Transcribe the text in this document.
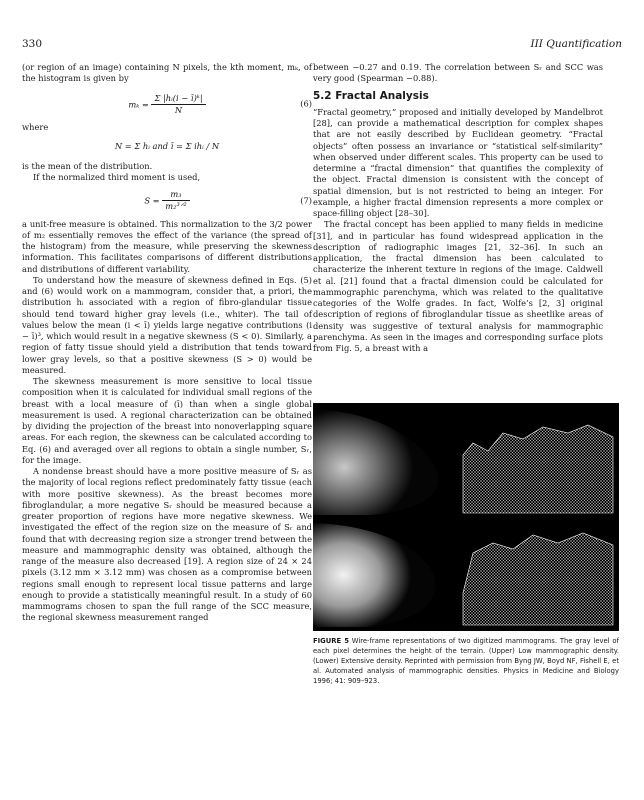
330	III Quantification

(or region of an image) containing N pixels, the kth moment, mₖ, of the histogram is given by

$m_k = \frac{\text{Σ |hᵢ(i − ī)ᵏ|}}{N}$	(6)

where

N = Σ hᵢ and ī = Σ ihᵢ / N

is the mean of the distribution.

If the normalized third moment is used,

$S = \frac{\text{m₃}}{\text{m₂³ᐟ²}}$	(7)

a unit-free measure is obtained. This normalization to the 3/2 power of m₂ essentially removes the effect of the variance (the spread of the histogram) from the measure, while preserving the skewness information. This facilitates comparisons of different distributions and distributions of different variability.

To understand how the measure of skewness defined in Eqs. (5) and (6) would work on a mammogram, consider that, a priori, the distribution hᵢ associated with a region of fibro-glandular tissue should tend toward higher gray levels (i.e., whiter). The tail of values below the mean (i < ī) yields large negative contributions (i − ī)³, which would result in a negative skewness (S < 0). Similarly, a region of fatty tissue should yield a distribution that tends toward lower gray levels, so that a positive skewness (S > 0) would be measured.

The skewness measurement is more sensitive to local tissue composition when it is calculated for individual small regions of the breast with a local measure of (ī) than when a single global measurement is used. A regional characterization can be obtained by dividing the projection of the breast into nonoverlapping square areas. For each region, the skewness can be calculated according to Eq. (6) and averaged over all regions to obtain a single number, Sᵣ, for the image.

A nondense breast should have a more positive measure of Sᵣ as the majority of local regions reflect predominately fatty tissue (each with more positive skewness). As the breast becomes more fibroglandular, a more negative Sᵣ should be measured because a greater proportion of regions have more negative skewness. We investigated the effect of the region size on the measure of Sᵣ and found that with decreasing region size a stronger trend between the measure and mammographic density was obtained, although the range of the measure also decreased [19]. A region size of 24 × 24 pixels (3.12 mm × 3.12 mm) was chosen as a compromise between regions small enough to represent local tissue patterns and large enough to provide a statistically meaningful result. In a study of 60 mammograms chosen to span the full range of the SCC measure, the regional skewness measurement ranged

between −0.27 and 0.19. The correlation between Sᵣ and SCC was very good (Spearman −0.88).

5.2 Fractal Analysis

“Fractal geometry,” proposed and initially developed by Mandelbrot [28], can provide a mathematical description for complex shapes that are not easily described by Euclidean geometry. “Fractal objects” often possess an invariance or “statistical self-similarity” when observed under different scales. This property can be used to determine a “fractal dimension” that quantifies the complexity of the object. Fractal dimension is consistent with the concept of spatial dimension, but is not restricted to being an integer. For example, a higher fractal dimension represents a more complex or space-filling object [28–30].

The fractal concept has been applied to many fields in medicine [31], and in particular has found widespread application in the description of radiographic images [21, 32–36]. In such an application, the fractal dimension has been calculated to characterize the inherent texture in regions of the image. Caldwell et al. [21] found that a fractal dimension could be calculated for mammographic parenchyma, which was related to the qualitative categories of the Wolfe grades. In fact, Wolfe’s [2, 3] original description of regions of fibroglandular tissue as sheetlike areas of density was suggestive of textural analysis for mammographic parenchyma. As seen in the images and corresponding surface plots from Fig. 5, a breast with a

FIGURE 5 Wire-frame representations of two digitized mammograms. The gray level of each pixel determines the height of the terrain. (Upper) Low mammographic density. (Lower) Extensive density. Reprinted with permission from Byng JW, Boyd NF, Fishell E, et al. Automated analysis of mammographic densities. Physics in Medicine and Biology 1996; 41: 909–923.
